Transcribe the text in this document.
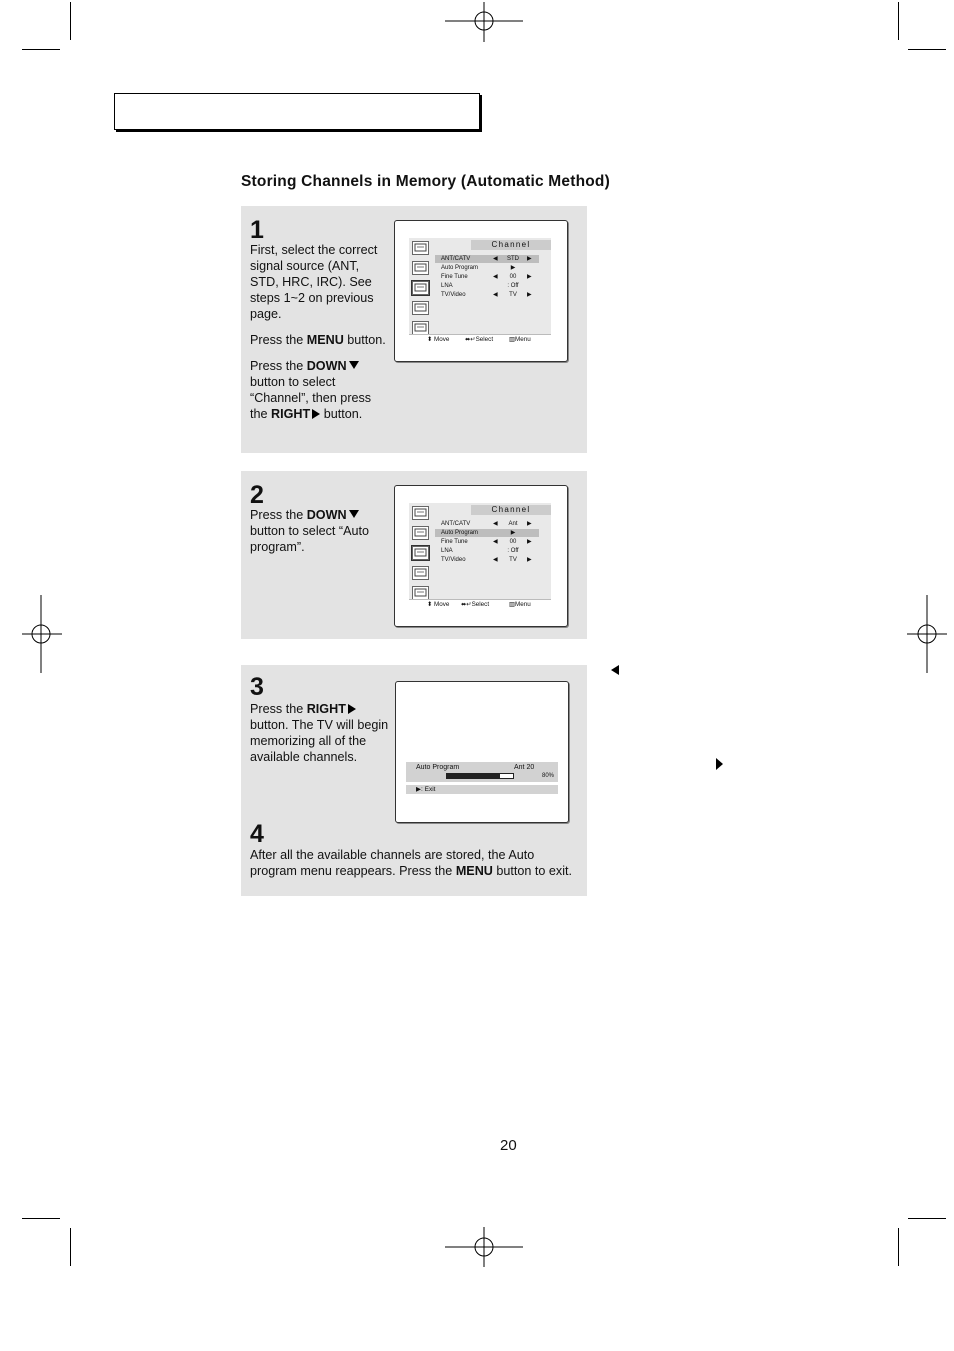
Storing Channels in Memory (Automatic Method)
1

First, select the correct signal source (ANT, STD, HRC, IRC). See steps 1~2 on previous page.

Press the MENU button.

Press the DOWN button to select “Channel”, then press the RIGHT button.

Channel
ANT/CATV	◀	STD	▶
Auto Program	▶
Fine Tune	◀	00	▶
LNA	: Off
TV/Video	◀	TV	▶
⬍ Move ⬌↵Select	▥Menu
2

Press the DOWN button to select “Auto program”.

Channel
ANT/CATV	◀	Ant	▶
Auto Program	▶
Fine Tune	◀	00	▶
LNA	: Off
TV/Video	◀	TV	▶
⬍ Move ⬌↵Select	▥Menu
3

Press the RIGHT button. The TV will begin memorizing all of the available channels.

Auto Program	Ant 20
80%
▶: Exit
4

After all the available channels are stored, the Auto program menu reappears. Press the MENU button to exit.

20
